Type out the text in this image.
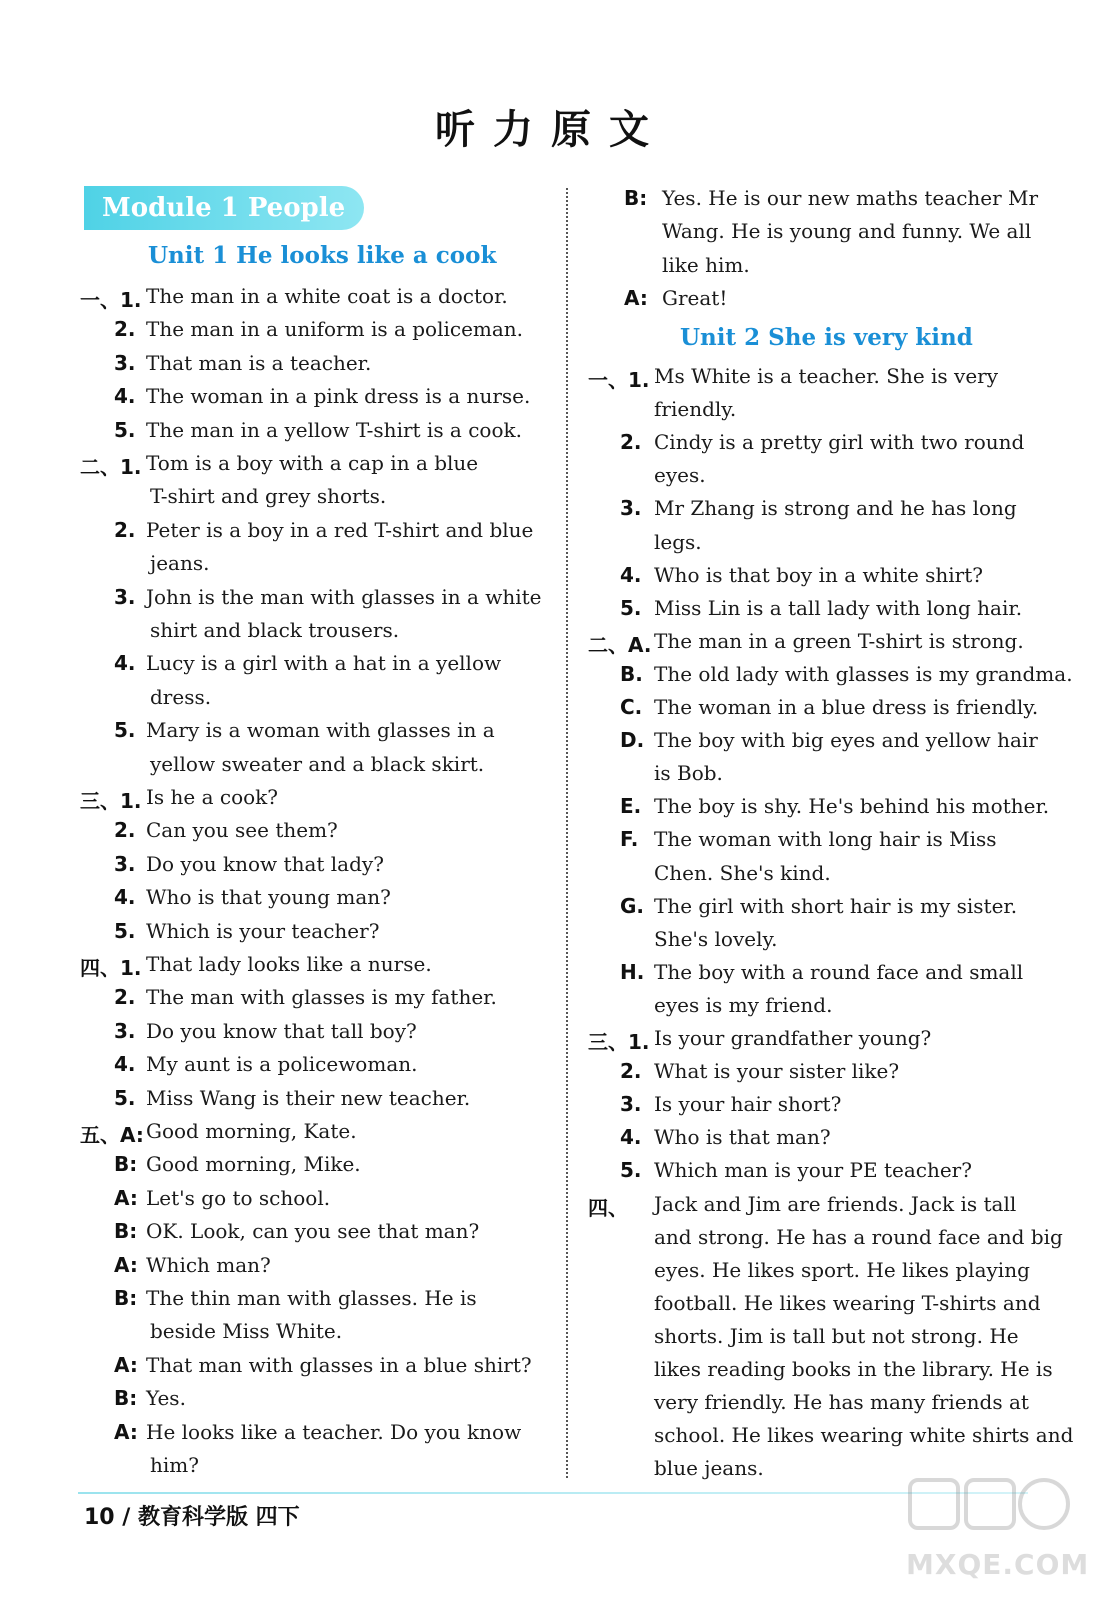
听力原文
Module 1 People
Unit 1 He looks like a cook
一、1. The man in a white coat is a doctor.
2. The man in a uniform is a policeman.
3. That man is a teacher.
4. The woman in a pink dress is a nurse.
5. The man in a yellow T-shirt is a cook.
二、1. Tom is a boy with a cap in a blue
T-shirt and grey shorts.
2. Peter is a boy in a red T-shirt and blue
jeans.
3. John is the man with glasses in a white
shirt and black trousers.
4. Lucy is a girl with a hat in a yellow
dress.
5. Mary is a woman with glasses in a
yellow sweater and a black skirt.
三、1. Is he a cook?
2. Can you see them?
3. Do you know that lady?
4. Who is that young man?
5. Which is your teacher?
四、1. That lady looks like a nurse.
2. The man with glasses is my father.
3. Do you know that tall boy?
4. My aunt is a policewoman.
5. Miss Wang is their new teacher.
五、A: Good morning, Kate.
B: Good morning, Mike.
A: Let's go to school.
B: OK. Look, can you see that man?
A: Which man?
B: The thin man with glasses. He is
beside Miss White.
A: That man with glasses in a blue shirt?
B: Yes.
A: He looks like a teacher. Do you know
him?
B: Yes. He is our new maths teacher Mr
Wang. He is young and funny. We all
like him.
A: Great!
Unit 2 She is very kind
一、1. Ms White is a teacher. She is very
friendly.
2. Cindy is a pretty girl with two round
eyes.
3. Mr Zhang is strong and he has long
legs.
4. Who is that boy in a white shirt?
5. Miss Lin is a tall lady with long hair.
二、A. The man in a green T-shirt is strong.
B. The old lady with glasses is my grandma.
C. The woman in a blue dress is friendly.
D. The boy with big eyes and yellow hair
is Bob.
E. The boy is shy. He's behind his mother.
F. The woman with long hair is Miss
Chen. She's kind.
G. The girl with short hair is my sister.
She's lovely.
H. The boy with a round face and small
eyes is my friend.
三、1. Is your grandfather young?
2. What is your sister like?
3. Is your hair short?
4. Who is that man?
5. Which man is your PE teacher?
四、 Jack and Jim are friends. Jack is tall
and strong. He has a round face and big
eyes. He likes sport. He likes playing
football. He likes wearing T-shirts and
shorts. Jim is tall but not strong. He
likes reading books in the library. He is
very friendly. He has many friends at
school. He likes wearing white shirts and
blue jeans.
10 / 教育科学版 四下
MXQE.COM
